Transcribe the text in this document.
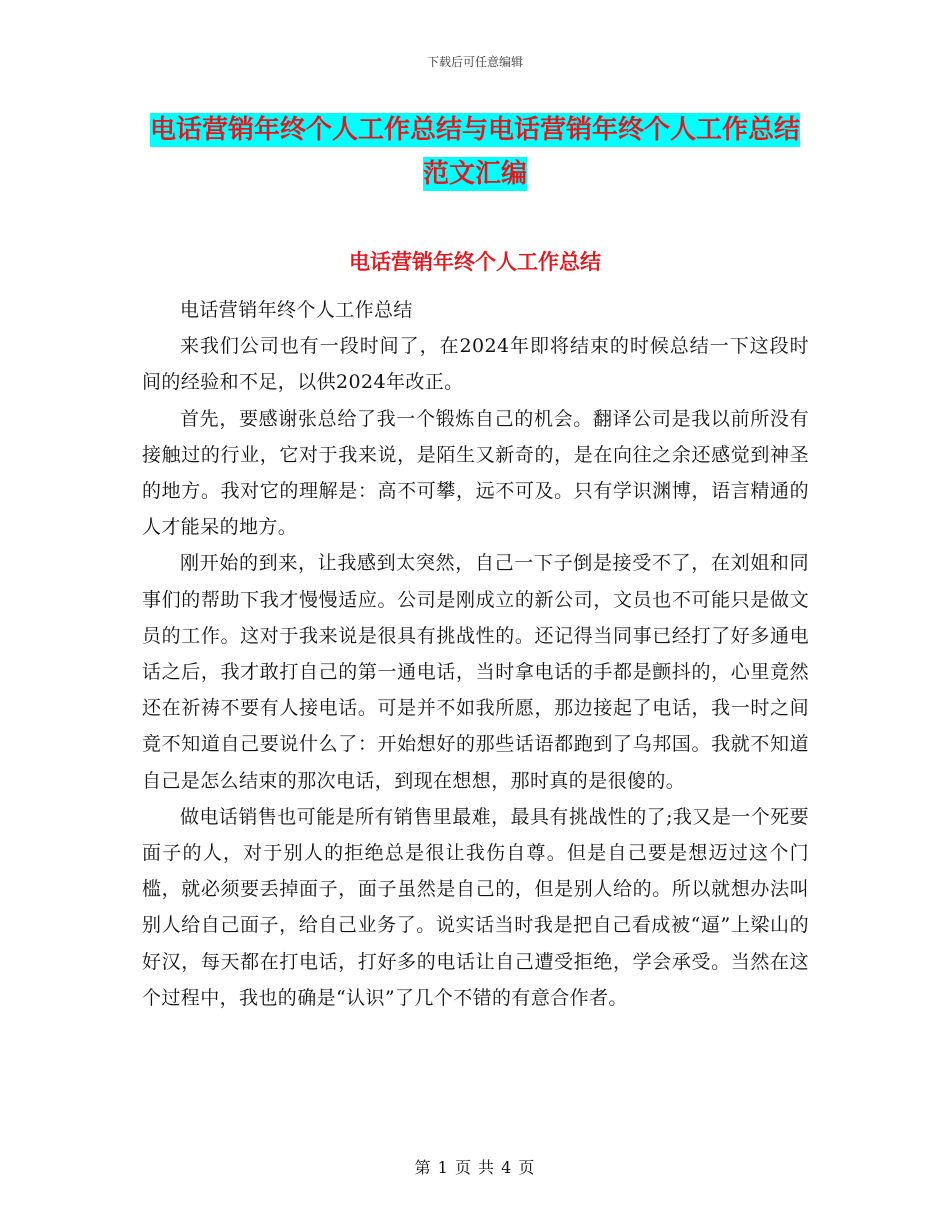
下载后可任意编辑
电话营销年终个人工作总结与电话营销年终个人工作总结范文汇编
电话营销年终个人工作总结

电话营销年终个人工作总结

来我们公司也有一段时间了，在2024年即将结束的时候总结一下这段时间的经验和不足，以供2024年改正。

首先，要感谢张总给了我一个锻炼自己的机会。翻译公司是我以前所没有接触过的行业，它对于我来说，是陌生又新奇的，是在向往之余还感觉到神圣的地方。我对它的理解是：高不可攀，远不可及。只有学识渊博，语言精通的人才能呆的地方。

刚开始的到来，让我感到太突然，自己一下子倒是接受不了，在刘姐和同事们的帮助下我才慢慢适应。公司是刚成立的新公司，文员也不可能只是做文员的工作。这对于我来说是很具有挑战性的。还记得当同事已经打了好多通电话之后，我才敢打自己的第一通电话，当时拿电话的手都是颤抖的，心里竟然还在祈祷不要有人接电话。可是并不如我所愿，那边接起了电话，我一时之间竟不知道自己要说什么了：开始想好的那些话语都跑到了乌邦国。我就不知道自己是怎么结束的那次电话，到现在想想，那时真的是很傻的。

做电话销售也可能是所有销售里最难，最具有挑战性的了;我又是一个死要面子的人，对于别人的拒绝总是很让我伤自尊。但是自己要是想迈过这个门槛，就必须要丢掉面子，面子虽然是自己的，但是别人给的。所以就想办法叫别人给自己面子，给自己业务了。说实话当时我是把自己看成被“逼”上梁山的好汉，每天都在打电话，打好多的电话让自己遭受拒绝，学会承受。当然在这个过程中，我也的确是“认识”了几个不错的有意合作者。

第 1 页 共 4 页
